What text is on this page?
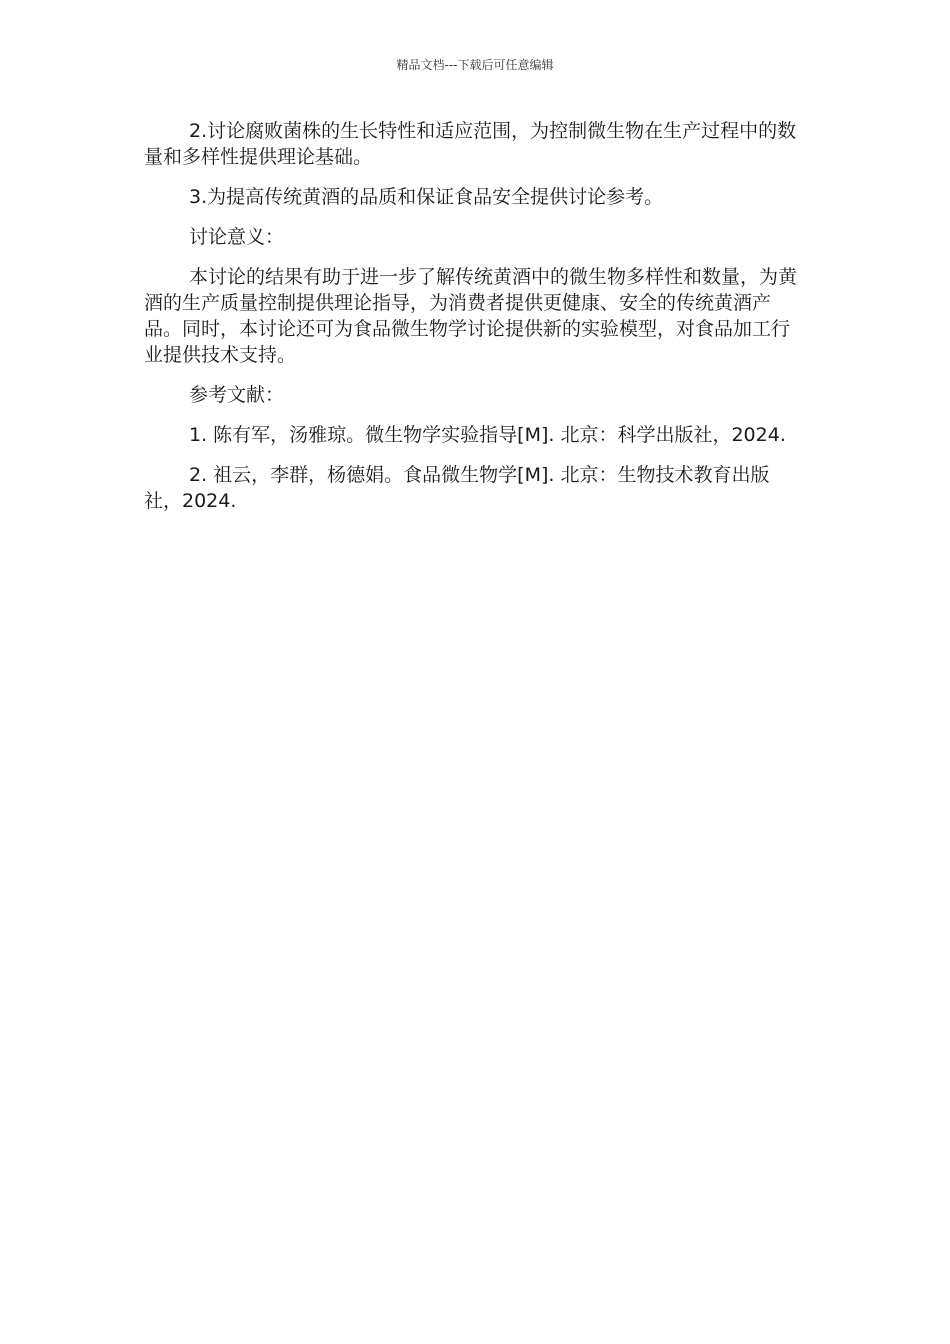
精品文档---下载后可任意编辑

2.讨论腐败菌株的生长特性和适应范围，为控制微生物在生产过程中的数量和多样性提供理论基础。

3.为提高传统黄酒的品质和保证食品安全提供讨论参考。

讨论意义：

本讨论的结果有助于进一步了解传统黄酒中的微生物多样性和数量，为黄酒的生产质量控制提供理论指导，为消费者提供更健康、安全的传统黄酒产品。同时，本讨论还可为食品微生物学讨论提供新的实验模型，对食品加工行业提供技术支持。

参考文献：

1. 陈有军，汤雅琼。微生物学实验指导[M]. 北京：科学出版社，2024.

2. 祖云，李群，杨德娟。食品微生物学[M]. 北京：生物技术教育出版社，2024.
